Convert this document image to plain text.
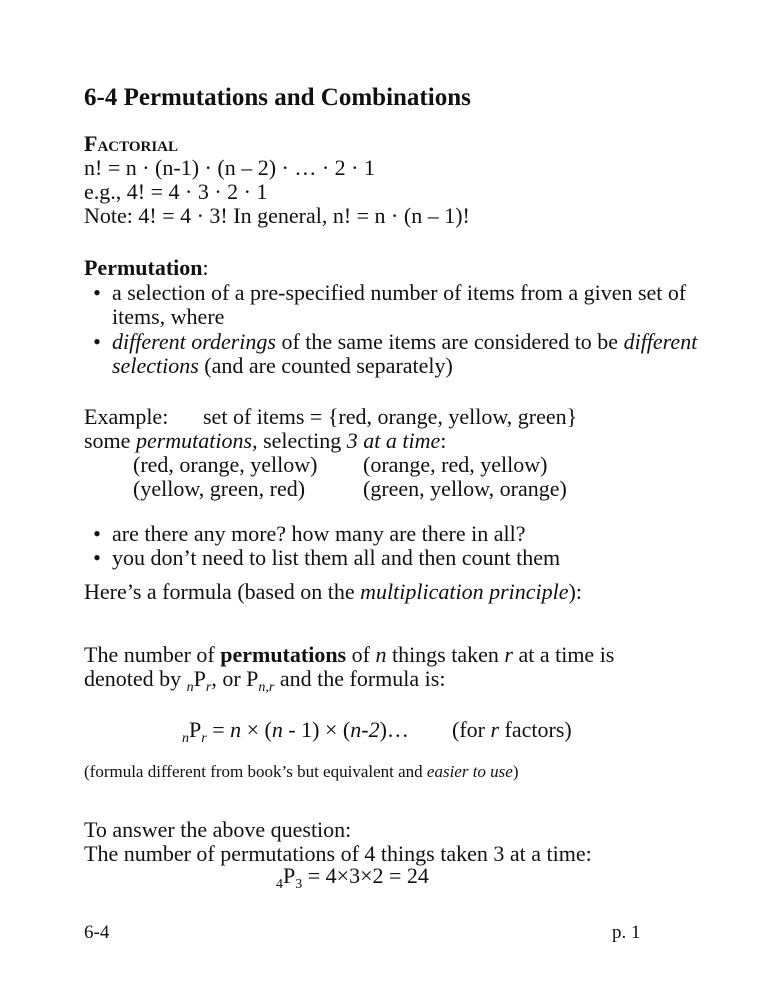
6-4 Permutations and Combinations
Factorial
n! = n · (n-1) · (n – 2) · … · 2 · 1
e.g., 4! = 4 · 3 · 2 · 1
Note: 4! = 4 · 3! In general, n! = n · (n – 1)!
Permutation:
• a selection of a pre-specified number of items from a given set of items, where
• different orderings of the same items are considered to be different selections (and are counted separately)
Example: set of items = {red, orange, yellow, green}
some permutations, selecting 3 at a time:
(red, orange, yellow) (orange, red, yellow)
(yellow, green, red)	(green, yellow, orange)
• are there any more? how many are there in all?
• you don’t need to list them all and then count them
Here’s a formula (based on the multiplication principle):
The number of permutations of n things taken r at a time is
denoted by $_nP_r$, or $P_{n,r}$ and the formula is:
$_nP_r = n \times (n - 1)$ × (n-2)… (for r factors)
(formula different from book’s but equivalent and easier to use)
To answer the above question:
The number of permutations of 4 things taken 3 at a time:
$_4P_3 = 4\times 3\times 2 = 24$
6-4	p. 1
